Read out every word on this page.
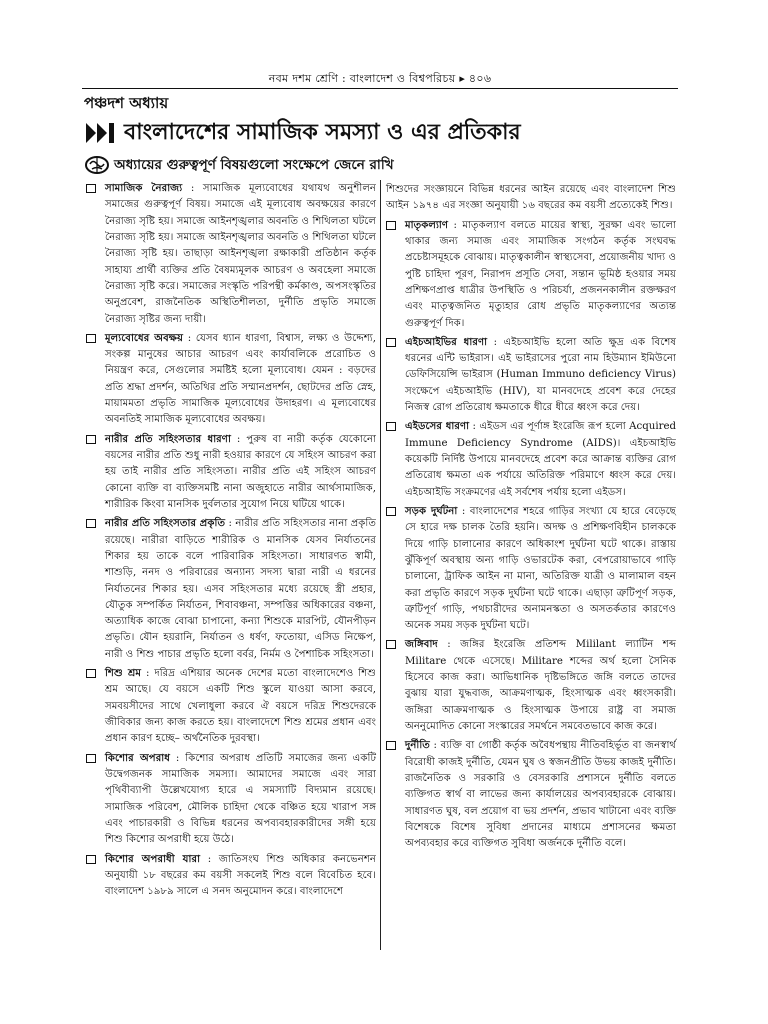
নবম দশম শ্রেণি : বাংলাদেশ ও বিশ্বপরিচয় ▸ ৪০৬
পঞ্চদশ অধ্যায়
বাংলাদেশের সামাজিক সমস্যা ও এর প্রতিকার
অধ্যায়ের গুরুত্বপূর্ণ বিষয়গুলো সংক্ষেপে জেনে রাখি
সামাজিক নৈরাজ্য : সামাজিক মূল্যবোধের যথাযথ অনুশীলন সমাজের গুরুত্বপূর্ণ বিষয়। সমাজে এই মূল্যবোধ অবক্ষয়ের কারণে নৈরাজ্য সৃষ্টি হয়। সমাজে আইনশৃঙ্খলার অবনতি ও শিথিলতা ঘটলে নৈরাজ্য সৃষ্টি হয়। সমাজে আইনশৃঙ্খলার অবনতি ও শিথিলতা ঘটলে নৈরাজ্য সৃষ্টি হয়। তাছাড়া আইনশৃঙ্খলা রক্ষাকারী প্রতিষ্ঠান কর্তৃক সাহায্য প্রার্থী ব্যক্তির প্রতি বৈষম্যমূলক আচরণ ও অবহেলা সমাজে নৈরাজ্য সৃষ্টি করে। সমাজের সংস্কৃতি পরিপন্থী কর্মকাণ্ড, অপসংস্কৃতির অনুপ্রবেশ, রাজনৈতিক অস্থিতিশীলতা, দুর্নীতি প্রভৃতি সমাজে নৈরাজ্য সৃষ্টির জন্য দায়ী।
মূল্যবোধের অবক্ষয় : যেসব ধ্যান ধারণা, বিশ্বাস, লক্ষ্য ও উদ্দেশ্য, সংকল্প মানুষের আচার আচরণ এবং কার্যাবলিকে প্ররোচিত ও নিয়ন্ত্রণ করে, সেগুলোর সমষ্টিই হলো মূল্যবোধ। যেমন : বড়দের প্রতি শ্রদ্ধা প্রদর্শন, অতিথির প্রতি সম্মানপ্রদর্শন, ছোটদের প্রতি স্নেহ, মায়ামমতা প্রভৃতি সামাজিক মূল্যবোধের উদাহরণ। এ মূল্যবোধের অবনতিই সামাজিক মূল্যবোধের অবক্ষয়।
নারীর প্রতি সহিংসতার ধারণা : পুরুষ বা নারী কর্তৃক যেকোনো বয়সের নারীর প্রতি শুধু নারী হওয়ার কারণে যে সহিংস আচরণ করা হয় তাই নারীর প্রতি সহিংসতা। নারীর প্রতি এই সহিংস আচরণ কোনো ব্যক্তি বা ব্যক্তিসমষ্টি নানা অজুহাতে নারীর আর্থসামাজিক, শারীরিক কিংবা মানসিক দুর্বলতার সুযোগ নিয়ে ঘটিয়ে থাকে।
নারীর প্রতি সহিংসতার প্রকৃতি : নারীর প্রতি সহিংসতার নানা প্রকৃতি রয়েছে। নারীরা বাড়িতে শারীরিক ও মানসিক যেসব নির্যাতনের শিকার হয় তাকে বলে পারিবারিক সহিংসতা। সাধারণত স্বামী, শাশুড়ি, ননদ ও পরিবারের অন্যান্য সদস্য দ্বারা নারী এ ধরনের নির্যাতনের শিকার হয়। এসব সহিংসতার মধ্যে রয়েছে স্ত্রী প্রহার, যৌতুক সম্পর্কিত নির্যাতন, শিবাবঞ্চনা, সম্পত্তির অধিকারের বঞ্চনা, অত্যাধিক কাজে বোঝা চাপানো, কন্যা শিশুকে মারপিট, যৌনপীড়ন প্রভৃতি। যৌন হয়রানি, নির্যাতন ও ধর্ষণ, ফতোয়া, এসিড নিক্ষেপ, নারী ও শিশু পাচার প্রভৃতি হলো বর্বর, নির্মম ও পৈশাচিক সহিংসতা।
শিশু শ্রম : দরিদ্র এশিয়ার অনেক দেশের মতো বাংলাদেশেও শিশু শ্রম আছে। যে বয়সে একটি শিশু স্কুলে যাওয়া আসা করবে, সমবয়সীদের সাথে খেলাধুলা করবে ঐ বয়সে দরিদ্র শিশুদেরকে জীবিকার জন্য কাজ করতে হয়। বাংলাদেশে শিশু শ্রমের প্রধান এবং প্রধান কারণ হচ্ছে– অর্থনৈতিক দুরবস্থা।
কিশোর অপরাধ : কিশোর অপরাধ প্রতিটি সমাজের জন্য একটি উদ্বেগজনক সামাজিক সমস্যা। আমাদের সমাজে এবং সারা পৃথিবীব্যাপী উল্লেখযোগ্য হারে এ সমস্যাটি বিদ্যমান রয়েছে। সামাজিক পরিবেশ, মৌলিক চাহিদা থেকে বঞ্চিত হয়ে খারাপ সঙ্গ এবং পাচারকারী ও বিভিন্ন ধরনের অপব্যবহারকারীদের সঙ্গী হয়ে শিশু কিশোর অপরাধী হয়ে উঠে।
কিশোর অপরাধী যারা : জাতিসংঘ শিশু অধিকার কনভেনশন অনুযায়ী ১৮ বছরের কম বয়সী সকলেই শিশু বলে বিবেচিত হবে। বাংলাদেশ ১৯৮৯ সালে এ সনদ অনুমোদন করে। বাংলাদেশে
শিশুদের সংজ্ঞায়নে বিভিন্ন ধরনের আইন রয়েছে এবং বাংলাদেশ শিশু আইন ১৯৭৪ এর সংজ্ঞা অনুযায়ী ১৬ বছরের কম বয়সী প্রত্যেকেই শিশু।
মাতৃকল্যাণ : মাতৃকল্যাণ বলতে মায়ের স্বাস্থ্য, সুরক্ষা এবং ভালো থাকার জন্য সমাজ এবং সামাজিক সংগঠন কর্তৃক সংঘবদ্ধ প্রচেষ্টাসমূহকে বোঝায়। মাতৃত্বকালীন স্বাস্থ্যসেবা, প্রয়োজনীয় খাদ্য ও পুষ্টি চাহিদা পূরণ, নিরাপদ প্রসূতি সেবা, সন্তান ভূমিষ্ঠ হওয়ার সময় প্রশিক্ষণপ্রাপ্ত ধাত্রীর উপস্থিতি ও পরিচর্যা, প্রজননকালীন রক্তক্ষরণ এবং মাতৃত্বজনিত মৃত্যুহার রোধ প্রভৃতি মাতৃকল্যাণের অত্যন্ত গুরুত্বপূর্ণ দিক।
এইচআইভির ধারণা : এইচআইভি হলো অতি ক্ষুদ্র এক বিশেষ ধরনের এন্টি ভাইরাস। এই ভাইরাসের পুরো নাম হিউম্যান ইমিউনো ডেফিসিয়েন্সি ভাইরাস (Human Immuno deficiency Virus) সংক্ষেপে এইচআইভি (HIV), যা মানবদেহে প্রবেশ করে দেহের নিজস্ব রোগ প্রতিরোধ ক্ষমতাকে ধীরে ধীরে ধ্বংস করে দেয়।
এইডসের ধারণা : এইডস এর পূর্ণাঙ্গ ইংরেজি রূপ হলো Acquired Immune Deficiency Syndrome (AIDS)। এইচআইভি কয়েকটি নির্দিষ্ট উপায়ে মানবদেহে প্রবেশ করে আক্রান্ত ব্যক্তির রোগ প্রতিরোধ ক্ষমতা এক পর্যায়ে অতিরিক্ত পরিমাণে ধ্বংস করে দেয়। এইচআইভি সংক্রমণের এই সর্বশেষ পর্যায় হলো এইডস।
সড়ক দুর্ঘটনা : বাংলাদেশের শহরে গাড়ির সংখ্যা যে হারে বেড়েছে সে হারে দক্ষ চালক তৈরি হয়নি। অদক্ষ ও প্রশিক্ষণবিহীন চালককে দিয়ে গাড়ি চালানোর কারণে অধিকাংশ দুর্ঘটনা ঘটে থাকে। রাস্তায় ঝুঁকিপূর্ণ অবস্থায় অন্য গাড়ি ওভারটেক করা, বেপরোয়াভাবে গাড়ি চালানো, ট্রাফিক আইন না মানা, অতিরিক্ত যাত্রী ও মালামাল বহন করা প্রভৃতি কারণে সড়ক দুর্ঘটনা ঘটে থাকে। এছাড়া ত্রুটিপূর্ণ সড়ক, ত্রুটিপূর্ণ গাড়ি, পথচারীদের অনামনস্কতা ও অসতর্কতার কারণেও অনেক সময় সড়ক দুর্ঘটনা ঘটে।
জঙ্গিবাদ : জঙ্গির ইংরেজি প্রতিশব্দ Mililant ল্যাটিন শব্দ Militare থেকে এসেছে। Militare শব্দের অর্থ হলো সৈনিক হিসেবে কাজ করা। আভিধানিক দৃষ্টিভঙ্গিতে জঙ্গি বলতে তাদের বুঝায় যারা যুদ্ধবাজ, আক্রমণাত্মক, হিংসাত্মক এবং ধ্বংসকারী। জঙ্গিরা আক্রমণাত্মক ও হিংসাত্মক উপায়ে রাষ্ট্র বা সমাজ অননুমোদিত কোনো সংস্কারের সমর্থনে সমবেতভাবে কাজ করে।
দুর্নীতি : ব্যক্তি বা গোষ্ঠী কর্তৃক অবৈধপন্থায় নীতিবহির্ভূত বা জনস্বার্থ বিরোধী কাজই দুর্নীতি, যেমন ঘুষ ও স্বজনপ্রীতি উভয় কাজই দুর্নীতি। রাজনৈতিক ও সরকারি ও বেসরকারি প্রশাসনে দুর্নীতি বলতে ব্যক্তিগত স্বার্থ বা লাভের জন্য কার্যালয়ের অপব্যবহারকে বোঝায়। সাধারণত ঘুষ, বল প্রয়োগ বা ভয় প্রদর্শন, প্রভাব খাটানো এবং ব্যক্তি বিশেষকে বিশেষ সুবিধা প্রদানের মাধ্যমে প্রশাসনের ক্ষমতা অপব্যবহার করে ব্যক্তিগত সুবিধা অর্জনকে দুর্নীতি বলে।
